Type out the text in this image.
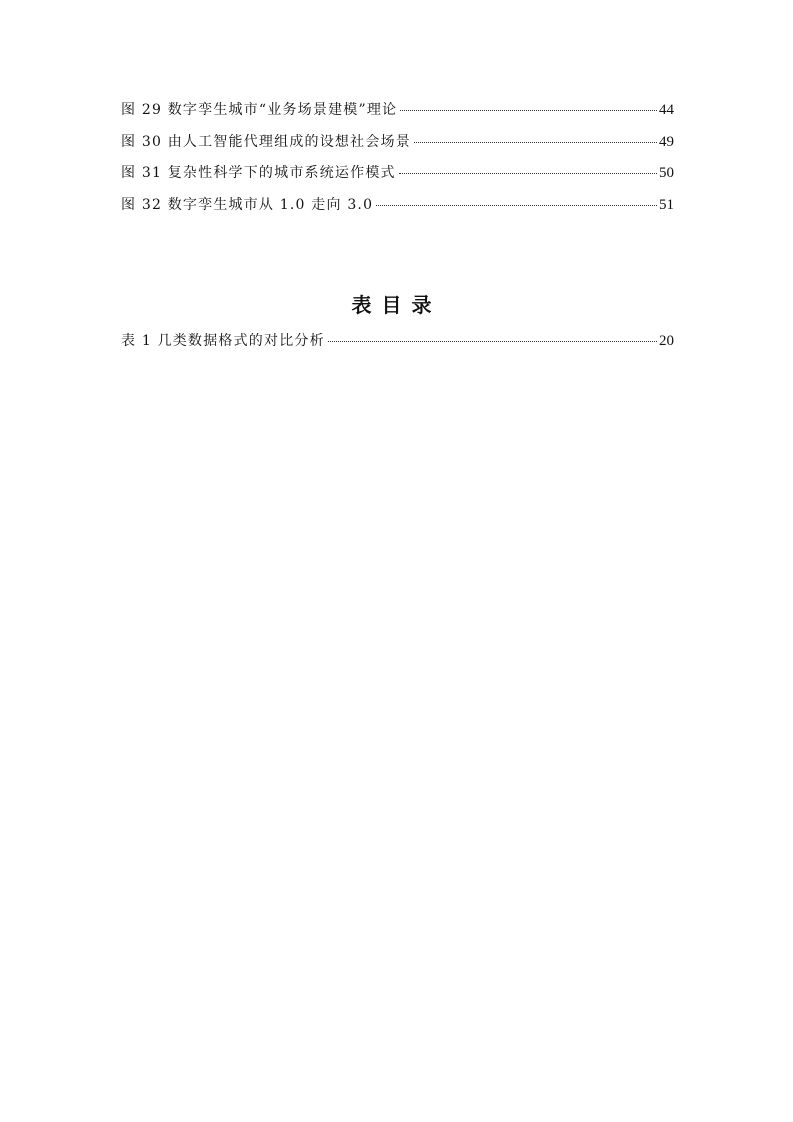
图 29 数字孪生城市“业务场景建模”理论	44
图 30 由人工智能代理组成的设想社会场景	49
图 31 复杂性科学下的城市系统运作模式	50
图 32 数字孪生城市从 1.0 走向 3.0	51
表目录
表 1 几类数据格式的对比分析	20
